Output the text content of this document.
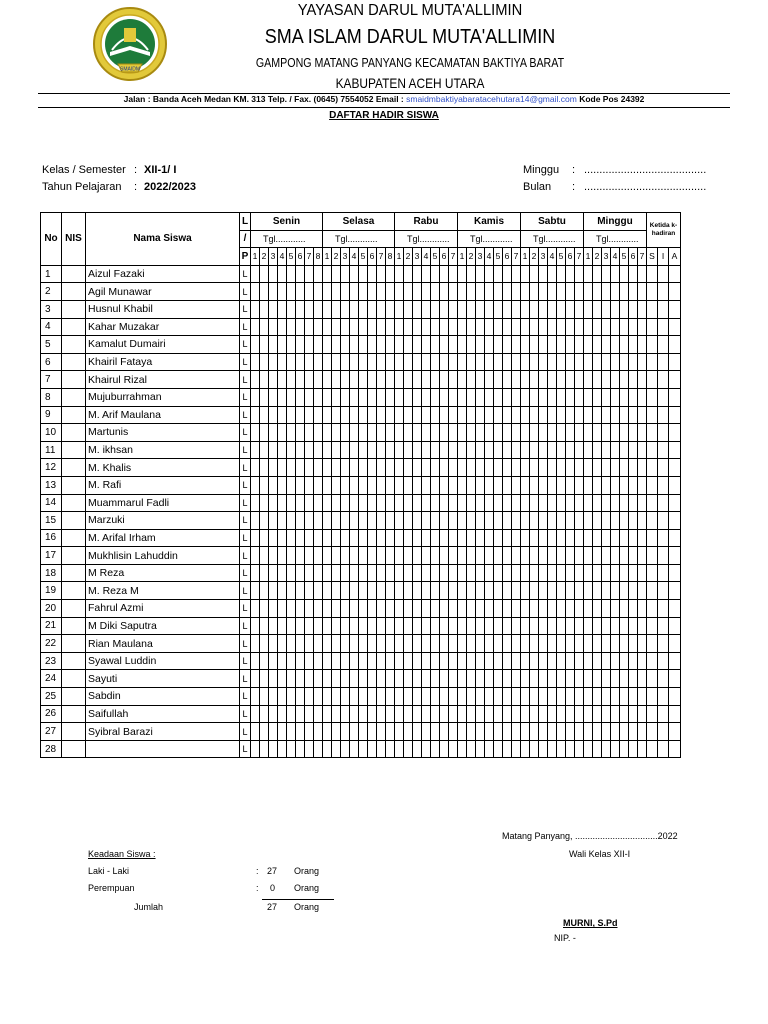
SMAIDM
YAYASAN DARUL MUTA'ALLIMIN
SMA ISLAM DARUL MUTA'ALLIMIN
GAMPONG MATANG PANYANG KECAMATAN BAKTIYA BARAT
KABUPATEN ACEH UTARA
Jalan : Banda Aceh Medan KM. 313 Telp. / Fax. (0645) 7554052 Email : smaidmbaktiyabaratacehutara14@gmail.com Kode Pos 24392
DAFTAR HADIR SISWA
Kelas / Semester : XII-1/ I
Tahun Pelajaran : 2022/2023
Minggu : ........................................
Bulan : ........................................
No	NIS	Nama Siswa	L	Senin								Selasa								Rabu							Kamis							Sabtu							Minggu							Ketida k-hadiran		
			/	Tgl............								Tgl............								Tgl............							Tgl............							Tgl............							Tgl............									
			P	1	2	3	4	5	6	7	8	1	2	3	4	5	6	7	8	1	2	3	4	5	6	7	1	2	3	4	5	6	7	1	2	3	4	5	6	7	1	2	3	4	5	6	7	S	I	A
1		Aizul Fazaki	L																																															
2		Agil Munawar	L																																															
3		Husnul Khabil	L																																															
4		Kahar Muzakar	L																																															
5		Kamalut Dumairi	L																																															
6		Khairil Fataya	L																																															
7		Khairul Rizal	L																																															
8		Mujuburrahman	L																																															
9		M. Arif Maulana	L																																															
10		Martunis	L																																															
11		M. ikhsan	L																																															
12		M. Khalis	L																																															
13		M. Rafi	L																																															
14		Muammarul Fadli	L																																															
15		Marzuki	L																																															
16		M. Arifal Irham	L																																															
17		Mukhlisin Lahuddin	L																																															
18		M Reza	L																																															
19		M. Reza M	L																																															
20		Fahrul Azmi	L																																															
21		M Diki Saputra	L																																															
22		Rian Maulana	L																																															
23		Syawal Luddin	L																																															
24		Sayuti	L																																															
25		Sabdin	L																																															
26		Saifullah	L																																															
27		Syibral Barazi	L																																															
28			L																																															
Matang Panyang, .................................2022
Wali Kelas XII-I
MURNI, S.Pd
NIP. -
Keadaan Siswa :
Laki - Laki	: 27 Orang
Perempuan	: 0 Orang
Jumlah	27 Orang
